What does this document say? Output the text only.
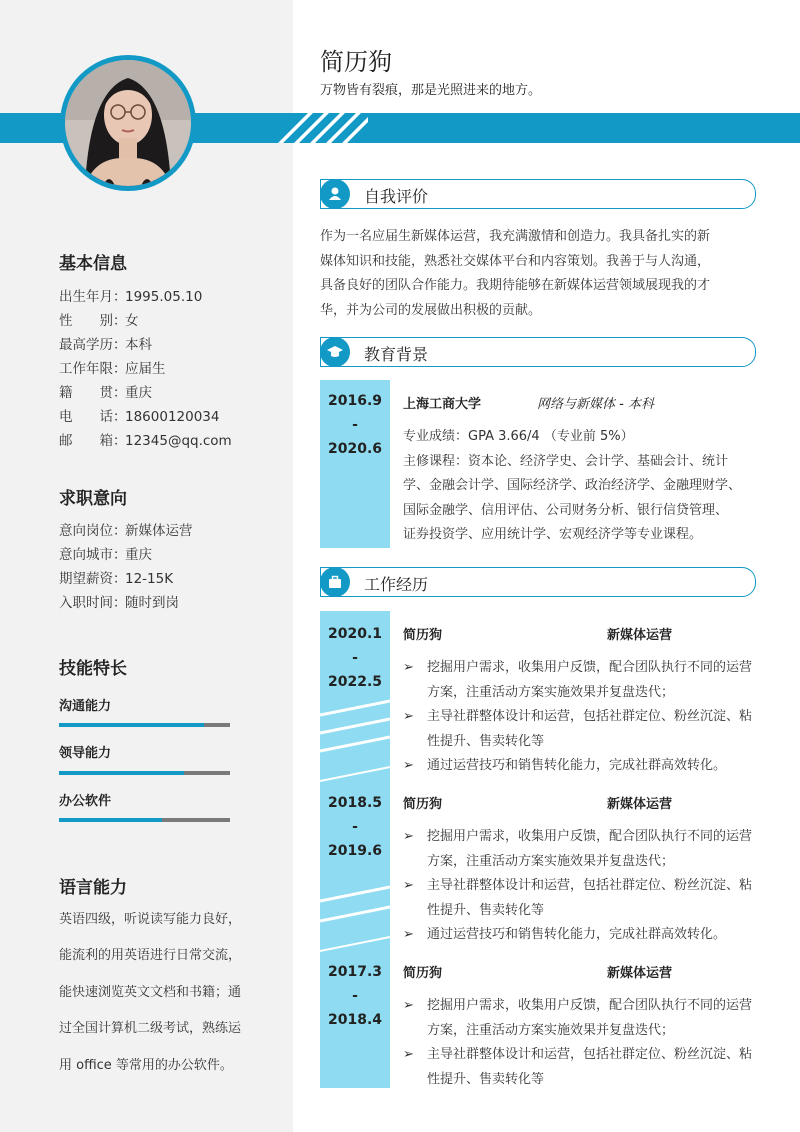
简历狗
万物皆有裂痕，那是光照进来的地方。
基本信息
出生年月：1995.05.10
性　　别：女
最高学历：本科
工作年限：应届生
籍　　贯：重庆
电　　话：18600120034
邮　　箱：12345@qq.com
求职意向
意向岗位：新媒体运营
意向城市：重庆
期望薪资：12-15K
入职时间：随时到岗
技能特长
沟通能力
领导能力
办公软件
语言能力
英语四级，听说读写能力良好，
能流利的用英语进行日常交流，
能快速浏览英文文档和书籍；通
过全国计算机二级考试，熟练运
用 office 等常用的办公软件。
自我评价
作为一名应届生新媒体运营，我充满激情和创造力。我具备扎实的新
媒体知识和技能，熟悉社交媒体平台和内容策划。我善于与人沟通，
具备良好的团队合作能力。我期待能够在新媒体运营领域展现我的才
华，并为公司的发展做出积极的贡献。
教育背景
2016.9
-
2020.6
上海工商大学	网络与新媒体 - 本科
专业成绩：GPA 3.66/4 （专业前 5%）
主修课程：资本论、经济学史、会计学、基础会计、统计
学、金融会计学、国际经济学、政治经济学、金融理财学、
国际金融学、信用评估、公司财务分析、银行信贷管理、
证券投资学、应用统计学、宏观经济学等专业课程。
工作经历
2020.1
-
2022.5
简历狗	新媒体运营
➢	挖掘用户需求，收集用户反馈，配合团队执行不同的运营方案，注重活动方案实施效果并复盘迭代；
➢	主导社群整体设计和运营，包括社群定位、粉丝沉淀、粘性提升、售卖转化等
➢	通过运营技巧和销售转化能力，完成社群高效转化。
2018.5
-
2019.6
简历狗	新媒体运营
➢	挖掘用户需求，收集用户反馈，配合团队执行不同的运营方案，注重活动方案实施效果并复盘迭代；
➢	主导社群整体设计和运营，包括社群定位、粉丝沉淀、粘性提升、售卖转化等
➢	通过运营技巧和销售转化能力，完成社群高效转化。
2017.3
-
2018.4
简历狗	新媒体运营
➢	挖掘用户需求，收集用户反馈，配合团队执行不同的运营方案，注重活动方案实施效果并复盘迭代；
➢	主导社群整体设计和运营，包括社群定位、粉丝沉淀、粘性提升、售卖转化等
